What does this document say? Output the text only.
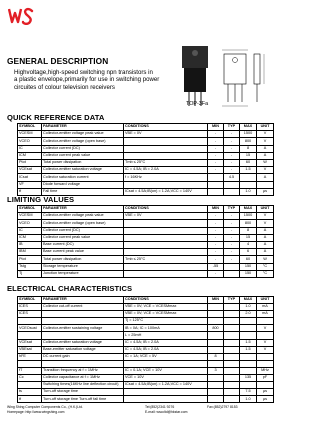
GENERAL DESCRIPTION
Highvoltage,high-speed switching npn transistors in
a plastic envelope,primarily for use in switching power
circuites of colour television receivers
TOP-3Fa
QUICK REFERENCE DATA
SYMBOL	PARAMETER	CONDITIONS	MIN	TYP	MAX	UNIT
VCESM	Collector-emitter voltage peak value	VBE = 0V	-	-	1500	V
VCEO	Collector-emitter voltage (open base)		-	-	800	V
IC	Collector current (DC)		-	-	8	A
ICM	Collector current peak value		-	-	15	A
Ptot	Total power dissipation	Tmb ≤ 25°C	-	-	60	W
VCEsat	Collector-emitter saturation voltage	IC = 4.5A; IB = 2.0A	-	-	1.5	V
ICsat	Collector saturation current	f = 16KHz		4.5		A
VF	Diode forward voltage					
tf	Fall time	ICsat = 4.5A;IB(on) = 1.2A;VCC = 140V			1.0	μs
LIMITING VALUES
SYMBOL	PARAMETER	CONDITIONS	MIN	TYP	MAX	UNIT
VCESM	Collector-emitter voltage peak value	VBE = 0V	-	-	1500	V
VCEO	Collector-emitter voltage (open base)		-	-	800	V
IC	Collector current (DC)		-	-	8	A
ICM	Collector current peak value		-	-	15	A
IB	Base current (DC)		-	-	4	A
IBM	Base current peak value		-	-	6	A
Ptot	Total power dissipation	Tmb ≤ 25°C	-	-	60	W
Tstg	Storage temperature		-55		150	°C
Tj	Junction temperature		-		150	°C
ELECTRICAL CHARACTERISTICS
SYMBOL	PARAMETER	CONDITIONS	MIN	TYP	MAX	UNIT
ICES	Collector cut-off current	VBE = 0V; VCE = VCESMmax			1.0	mA
ICES		VBE = 0V; VCE = VCESMmax			2.0	mA
		Tj = 125°C				
VCEOsust	Collector-emitter sustaining voltage	IB = 0A; IC = 100mA	800			V
		L = 25mH				
VCEsat	Collector-emitter saturation voltage	IC = 4.5A; IB = 2.0A			1.5	V
VBEsat	Base-emitter saturation voltage	IC = 4.5A; IB = 2.0A			1.5	V
hFE	DC current gain	IC = 1A; VCE = 5V	8			

fT	Transition frequency at f = 1MHz	IC = 0.1A; VCE = 10V	3			MHz
Cc	Collector capacitance at f = 1MHz	VCE = 10V			135	pF
	Switching times(16KHz line deflection circuit)	ICsat = 4.5A;IB(on) = 1.2A;VCC = 140V				
ts	Turn-off storage time				7.5	μs
tf	Turn-off storage time Turn-off fall time				1.0	μs
Wing Shing Computer Components Co., (H.K.)Ltd.
Homepage: http://www.wingshing.com
Tel:(852)2341 9276	Fax:(852)2797 8153
E-mail: wsccltd@hkstar.com
